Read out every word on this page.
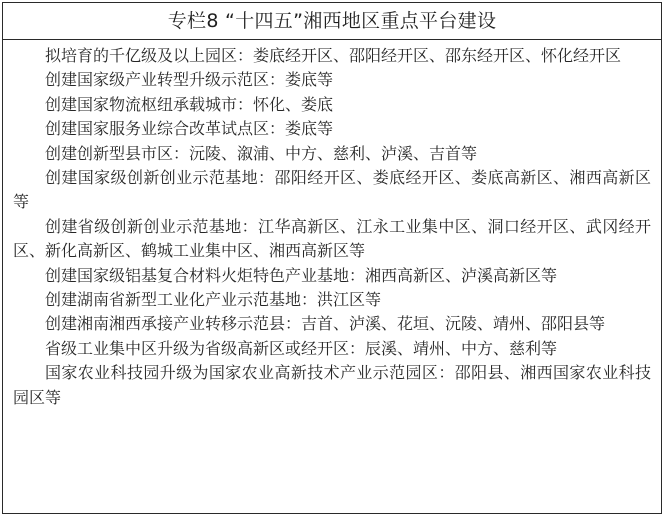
专栏8 “十四五”湘西地区重点平台建设

拟培育的千亿级及以上园区：娄底经开区、邵阳经开区、邵东经开区、怀化经开区

创建国家级产业转型升级示范区：娄底等

创建国家物流枢纽承载城市：怀化、娄底

创建国家服务业综合改革试点区：娄底等

创建创新型县市区：沅陵、溆浦、中方、慈利、泸溪、吉首等

创建国家级创新创业示范基地：邵阳经开区、娄底经开区、娄底高新区、湘西高新区等

创建省级创新创业示范基地：江华高新区、江永工业集中区、洞口经开区、武冈经开区、新化高新区、鹤城工业集中区、湘西高新区等

创建国家级铝基复合材料火炬特色产业基地：湘西高新区、泸溪高新区等

创建湖南省新型工业化产业示范基地：洪江区等

创建湘南湘西承接产业转移示范县：吉首、泸溪、花垣、沅陵、靖州、邵阳县等

省级工业集中区升级为省级高新区或经开区：辰溪、靖州、中方、慈利等

国家农业科技园升级为国家农业高新技术产业示范园区：邵阳县、湘西国家农业科技园区等
